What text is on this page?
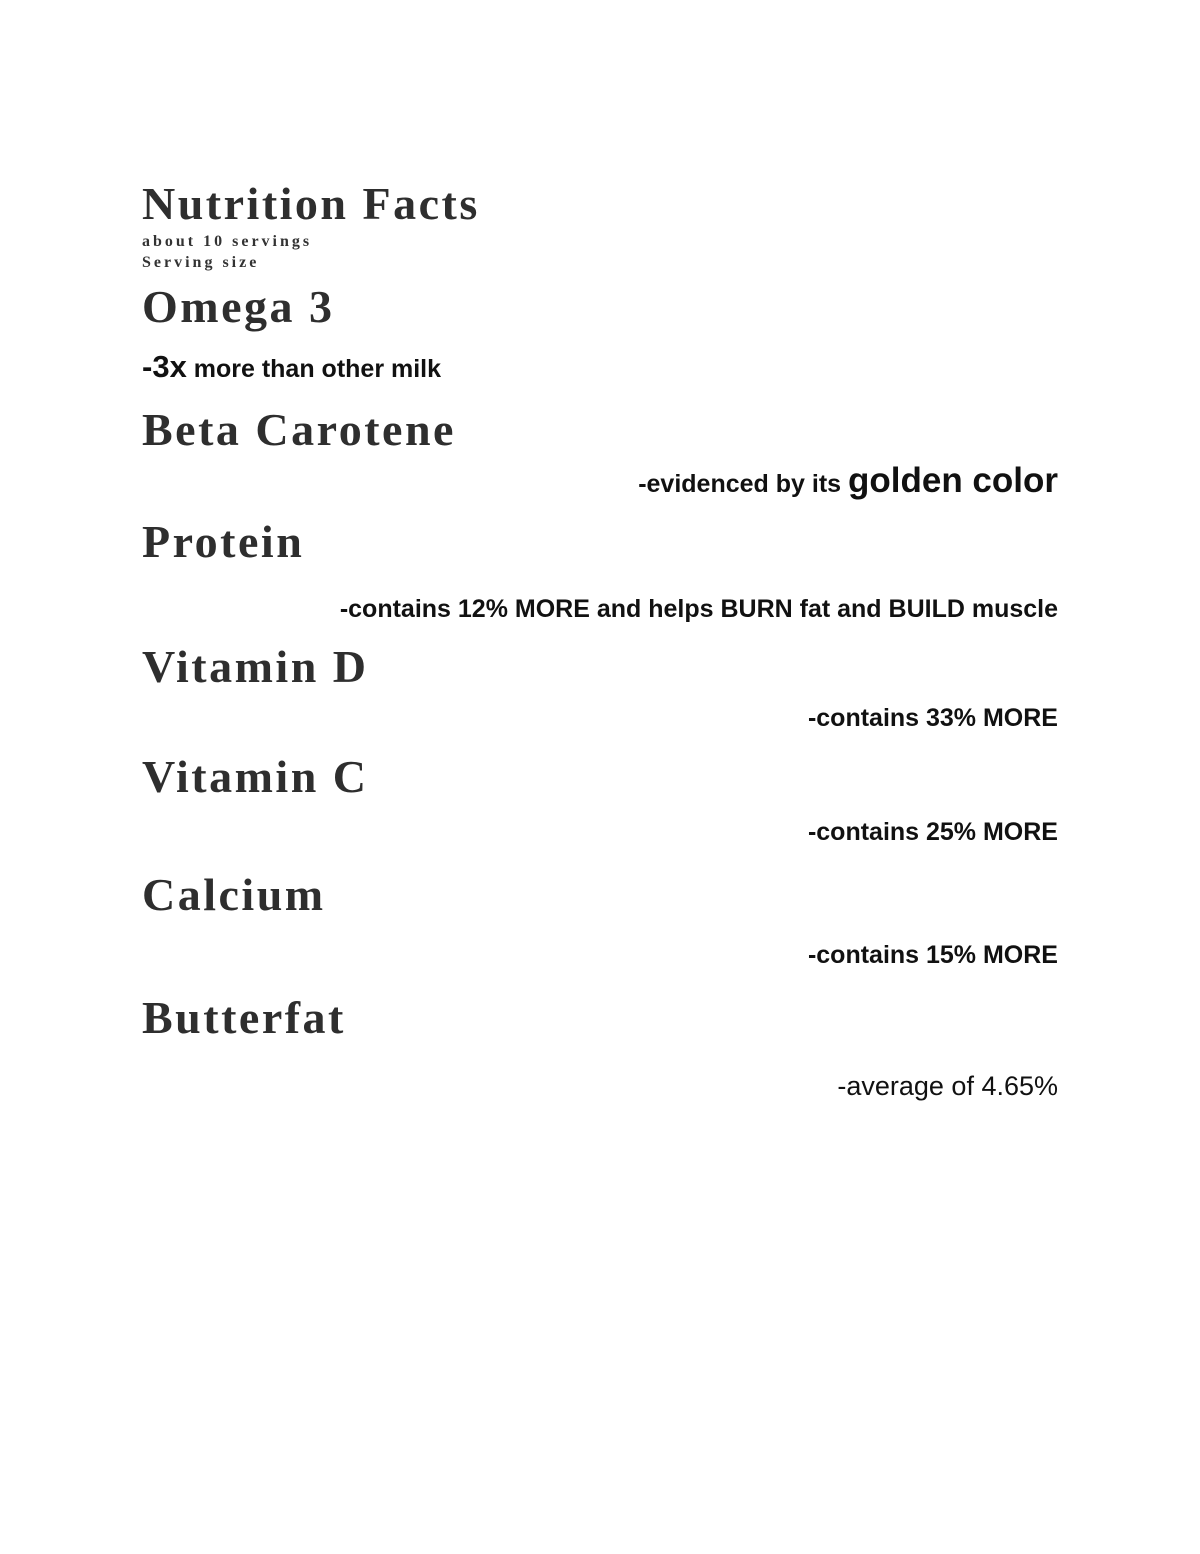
Nutrition Facts
about 10 servings
Serving size
Omega 3
-3x more than other milk
Beta Carotene
-evidenced by its golden color
Protein
-contains 12% MORE and helps BURN fat and BUILD muscle
Vitamin D
-contains 33% MORE
Vitamin C
-contains 25% MORE
Calcium
-contains 15% MORE
Butterfat
-average of 4.65%
